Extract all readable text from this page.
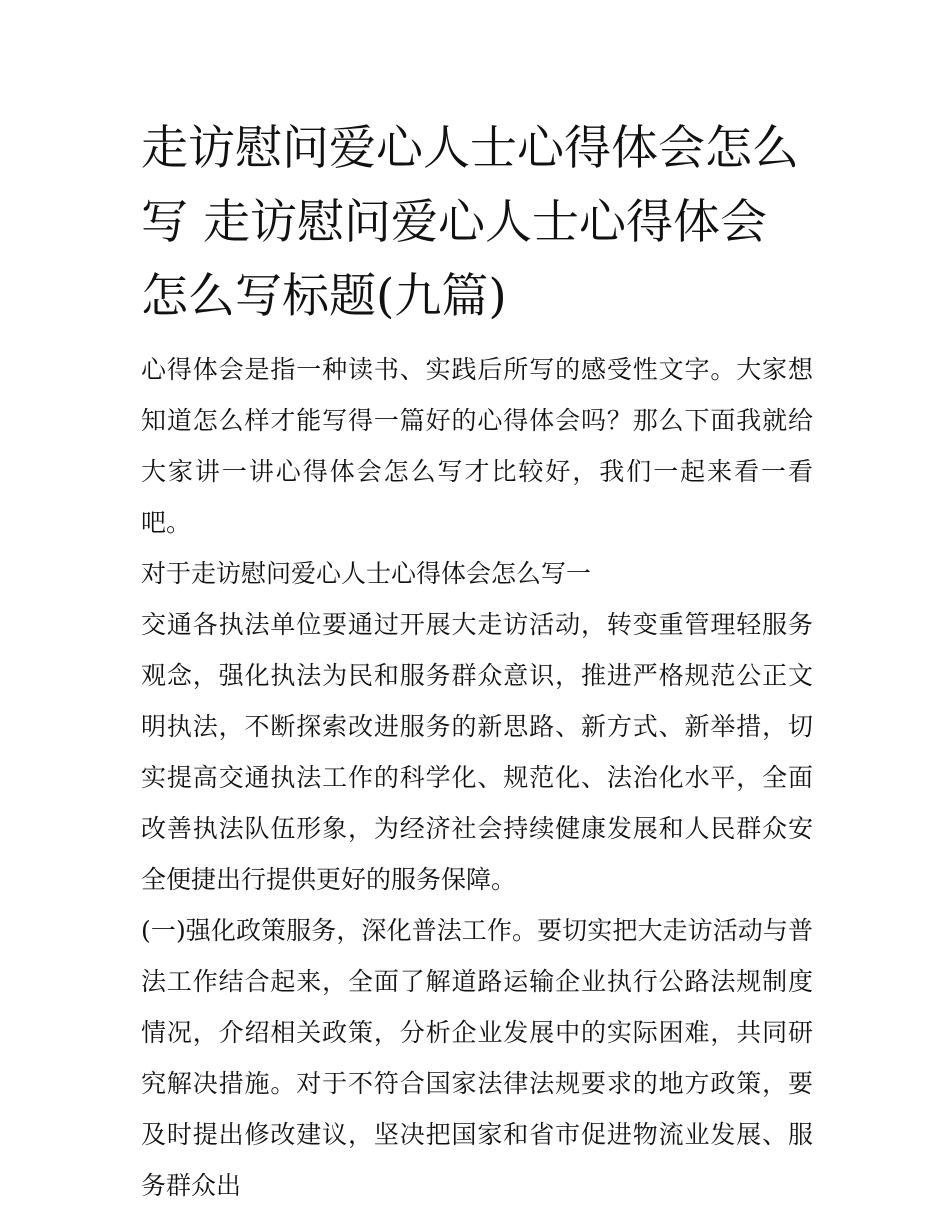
走访慰问爱心人士心得体会怎么写 走访慰问爱心人士心得体会怎么写标题(九篇)

心得体会是指一种读书、实践后所写的感受性文字。大家想知道怎么样才能写得一篇好的心得体会吗？那么下面我就给大家讲一讲心得体会怎么写才比较好，我们一起来看一看吧。

对于走访慰问爱心人士心得体会怎么写一

交通各执法单位要通过开展大走访活动，转变重管理轻服务观念，强化执法为民和服务群众意识，推进严格规范公正文明执法，不断探索改进服务的新思路、新方式、新举措，切实提高交通执法工作的科学化、规范化、法治化水平，全面改善执法队伍形象，为经济社会持续健康发展和人民群众安全便捷出行提供更好的服务保障。

(一)强化政策服务，深化普法工作。要切实把大走访活动与普法工作结合起来，全面了解道路运输企业执行公路法规制度情况，介绍相关政策，分析企业发展中的实际困难，共同研究解决措施。对于不符合国家法律法规要求的地方政策，要及时提出修改建议，坚决把国家和省市促进物流业发展、服务群众出
